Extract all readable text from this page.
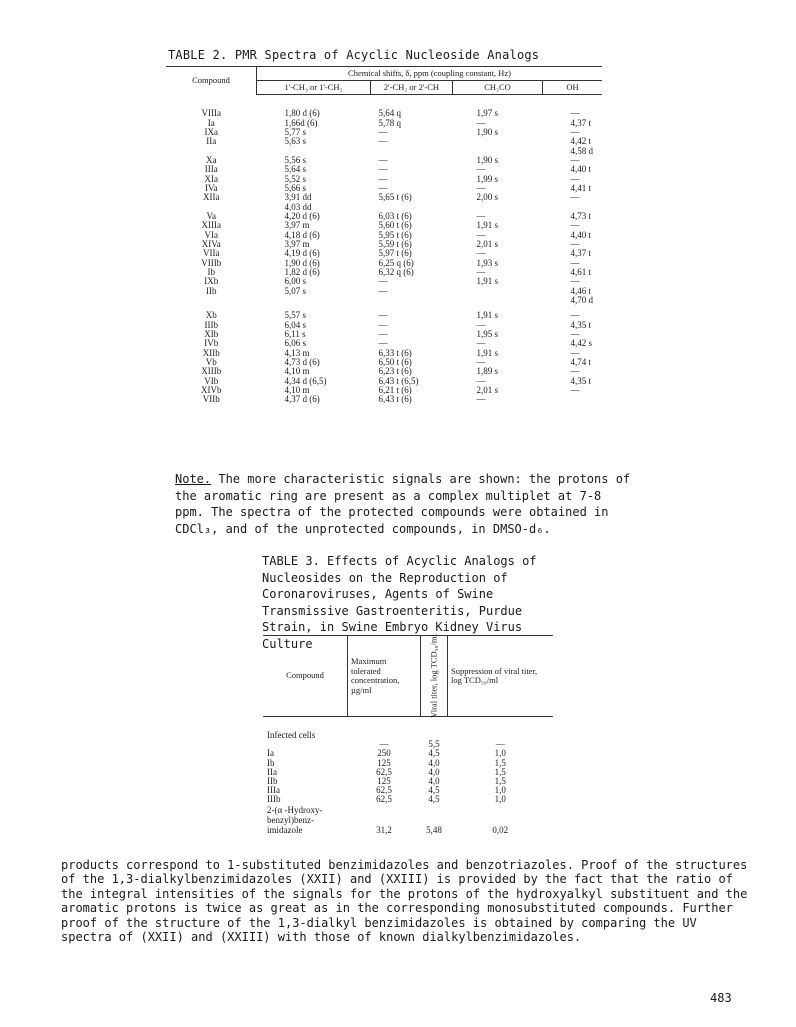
TABLE 2. PMR Spectra of Acyclic Nucleoside Analogs
Compound	Chemical shifts, δ, ppm (coupling constant, Hz)			
	1'-CH₃ or 1'-CH₂	2'-CH₂ or 2'-CH	CH₃CO	OH
VIIIa	1,80 d (6)	5,64 q	1,97 s	—
Ia	1,66d (6)	5,78 q	—	4,37 t
IXa	5,77 s	—	1,90 s	—
IIa	5,63 s	—		4,42 t
				4,58 d
Xa	5,56 s	—	1,90 s	—
IIIa	5,64 s	—	—	4,40 t
XIa	5,52 s	—	1,99 s	—
IVa	5,66 s	—	—	4,41 t
XIIa	3,91 dd	5,65 t (6)	2,00 s	—
	4,03 dd			
Va	4,20 d (6)	6,03 t (6)	—	4,73 t
XIIIa	3,97 m	5,60 t (6)	1,91 s	—
VIa	4,18 d (6)	5,95 t (6)	—	4,40 t
XIVa	3,97 m	5,59 t (6)	2,01 s	—
VIIa	4,19 d (6)	5,97 t (6)	—	4,37 t
VIIIb	1,90 d (6)	6,25 q (6)	1,93 s	—
Ib	1,82 d (6)	6,32 q (6)	—	4,61 t
IXb	6,00 s	—	1,91 s	—
IIb	5,07 s	—		4,46 t
				4,70 d

Xb	5,57 s	—	1,91 s	—
IIIb	6,04 s	—	—	4,35 t
XIb	6,11 s	—	1,95 s	—
IVb	6,06 s	—	—	4,42 s
XIIb	4,13 m	6,33 t (6)	1,91 s	—
Vb	4,73 d (6)	6,50 t (6)	—	4,74 t
XIIIb	4,10 m	6,23 t (6)	1,89 s	—
VIb	4,34 d (6,5)	6,43 t (6,5)	—	4,35 t
XIVb	4,10 m	6,21 t (6)	2,01 s	—
VIIb	4,37 d (6)	6,43 t (6)	—	
Note. The more characteristic signals are shown: the protons of the aromatic ring are present as a complex multiplet at 7-8 ppm. The spectra of the protected compounds were obtained in CDCl₃, and of the unprotected compounds, in DMSO-d₆.
TABLE 3. Effects of Acyclic Analogs of Nucleosides on the Reproduction of Coronaroviruses, Agents of Swine Transmissive Gastroenteritis, Purdue Strain, in Swine Embryo Kidney Virus Culture
Compound	Maximum tolerated concentration, µg/ml	Viral titer, log TCD₅₀/ml	Suppression of viral titer, log TCD₅₀/ml
Infected cells			
	—	5,5	—
Ia	250	4,5	1,0
Ib	125	4,0	1,5
IIa	62,5	4,0	1,5
IIb	125	4,0	1,5
IIIa	62,5	4,5	1,0
IIIb	62,5	4,5	1,0
2-(α -Hydroxy-			
benzyl)benz-			
imidazole	31,2	5,48	0,02
products correspond to 1-substituted benzimidazoles and benzotriazoles. Proof of the structures of the 1,3-dialkylbenzimidazoles (XXII) and (XXIII) is provided by the fact that the ratio of the integral intensities of the signals for the protons of the hydroxyalkyl substituent and the aromatic protons is twice as great as in the corresponding monosubstituted compounds. Further proof of the structure of the 1,3-dialkyl benzimidazoles is obtained by comparing the UV spectra of (XXII) and (XXIII) with those of known dialkylbenzimidazoles.
483
